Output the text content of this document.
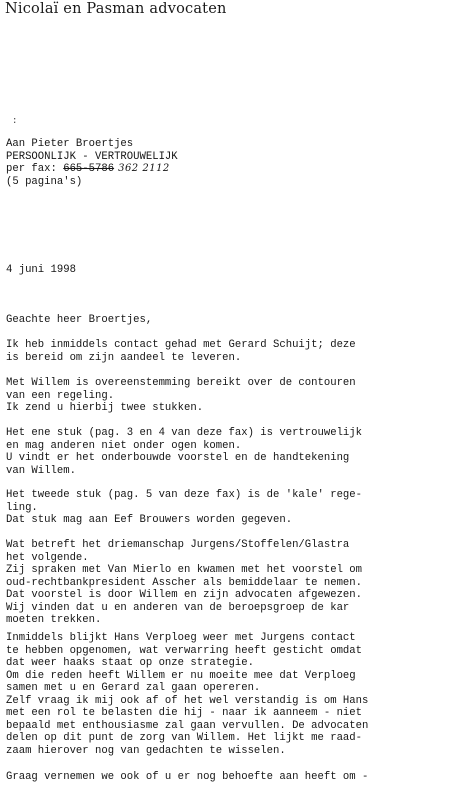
Nicolaï en Pasman advocaten
:

Aan Pieter Broertjes

PERSOONLIJK - VERTROUWELIJK

per fax: 665-5786 362 2112

(5 pagina's)

4 juni 1998
Geachte heer Broertjes,

Ik heb inmiddels contact gehad met Gerard Schuijt; deze

is bereid om zijn aandeel te leveren.

Met Willem is overeenstemming bereikt over de contouren

van een regeling.

Ik zend u hierbij twee stukken.

Het ene stuk (pag. 3 en 4 van deze fax) is vertrouwelijk

en mag anderen niet onder ogen komen.

U vindt er het onderbouwde voorstel en de handtekening

van Willem.

Het tweede stuk (pag. 5 van deze fax) is de 'kale' rege-

ling.

Dat stuk mag aan Eef Brouwers worden gegeven.

Wat betreft het driemanschap Jurgens/Stoffelen/Glastra

het volgende.

Zij spraken met Van Mierlo en kwamen met het voorstel om

oud-rechtbankpresident Asscher als bemiddelaar te nemen.

Dat voorstel is door Willem en zijn advocaten afgewezen.

Wij vinden dat u en anderen van de beroepsgroep de kar

moeten trekken.

Inmiddels blijkt Hans Verploeg weer met Jurgens contact

te hebben opgenomen, wat verwarring heeft gesticht omdat

dat weer haaks staat op onze strategie.

Om die reden heeft Willem er nu moeite mee dat Verploeg

samen met u en Gerard zal gaan opereren.

Zelf vraag ik mij ook af of het wel verstandig is om Hans

met een rol te belasten die hij - naar ik aanneem - niet

bepaald met enthousiasme zal gaan vervullen. De advocaten

delen op dit punt de zorg van Willem. Het lijkt me raad-

zaam hierover nog van gedachten te wisselen.

Graag vernemen we ook of u er nog behoefte aan heeft om -
